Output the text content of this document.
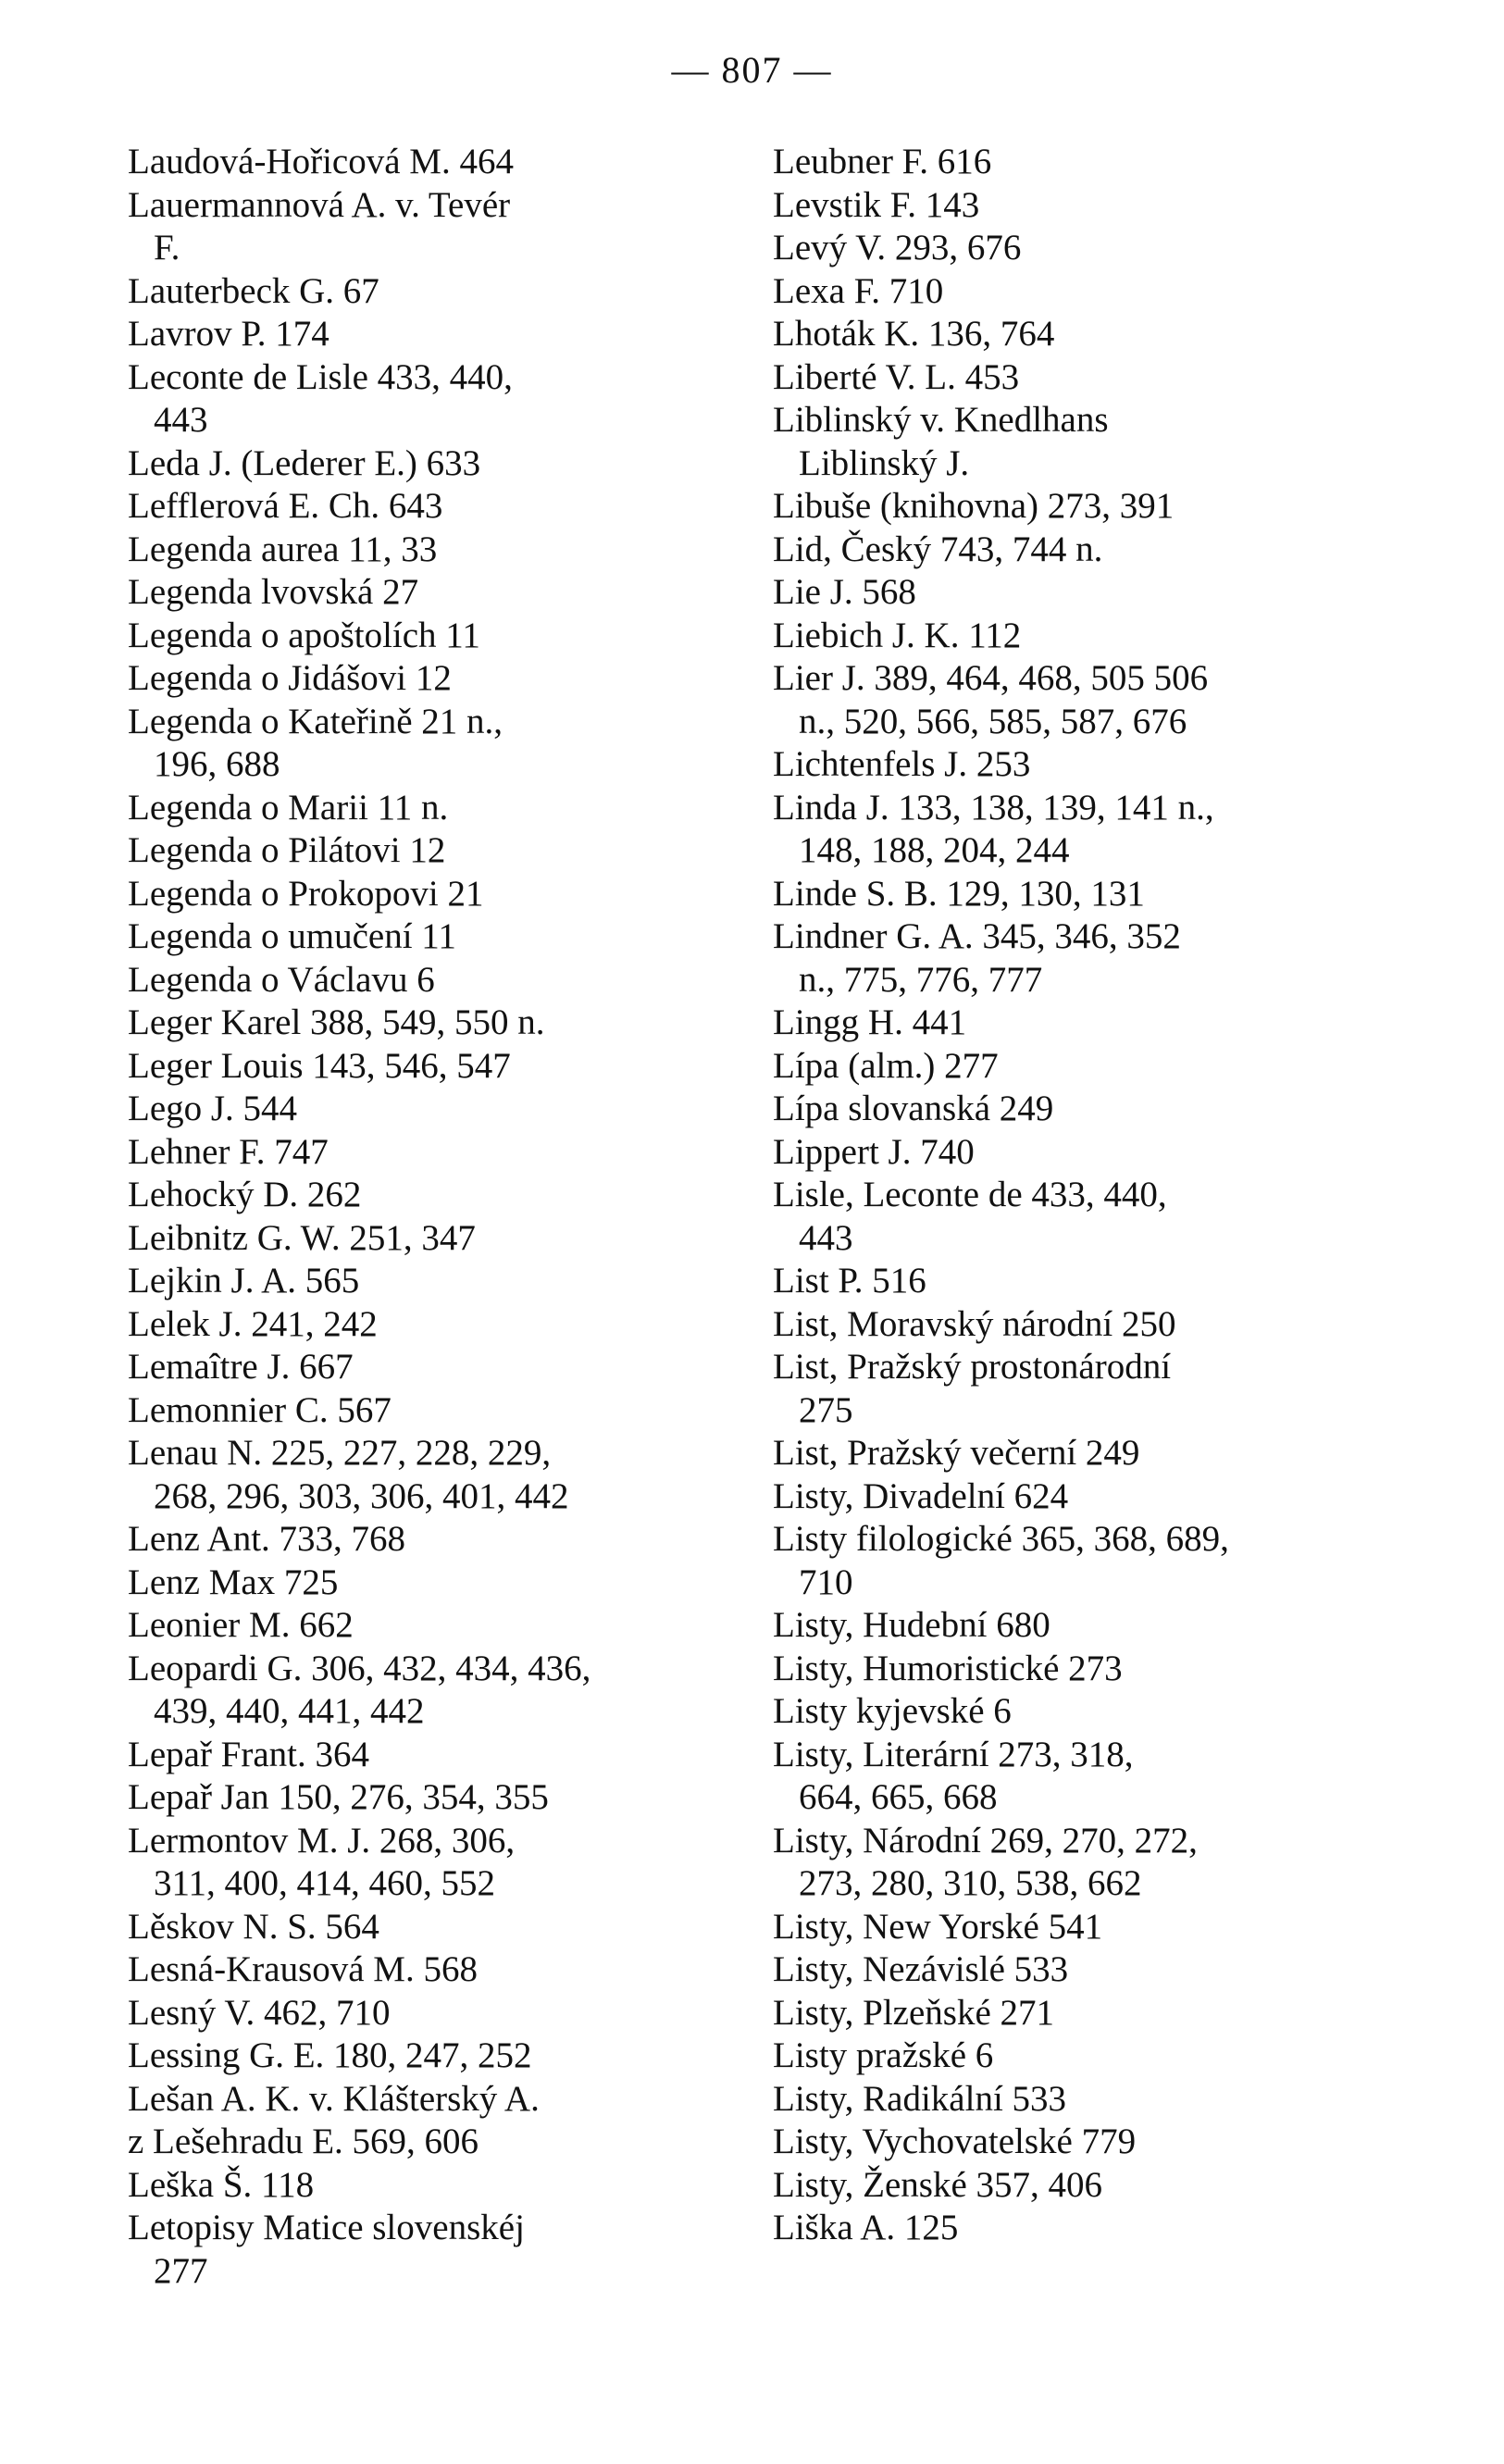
— 807 —
Laudová-Hořicová M. 464
Lauermannová A. v. Tevér
F.
Lauterbeck G. 67
Lavrov P. 174
Leconte de Lisle 433, 440,
443
Leda J. (Lederer E.) 633
Lefflerová E. Ch. 643
Legenda aurea 11, 33
Legenda lvovská 27
Legenda o apoštolích 11
Legenda o Jidášovi 12
Legenda o Kateřině 21 n.,
196, 688
Legenda o Marii 11 n.
Legenda o Pilátovi 12
Legenda o Prokopovi 21
Legenda o umučení 11
Legenda o Václavu 6
Leger Karel 388, 549, 550 n.
Leger Louis 143, 546, 547
Lego J. 544
Lehner F. 747
Lehocký D. 262
Leibnitz G. W. 251, 347
Lejkin J. A. 565
Lelek J. 241, 242
Lemaître J. 667
Lemonnier C. 567
Lenau N. 225, 227, 228, 229,
268, 296, 303, 306, 401, 442
Lenz Ant. 733, 768
Lenz Max 725
Leonier M. 662
Leopardi G. 306, 432, 434, 436,
439, 440, 441, 442
Lepař Frant. 364
Lepař Jan 150, 276, 354, 355
Lermontov M. J. 268, 306,
311, 400, 414, 460, 552
Lěskov N. S. 564
Lesná-Krausová M. 568
Lesný V. 462, 710
Lessing G. E. 180, 247, 252
Lešan A. K. v. Klášterský A.
z Lešehradu E. 569, 606
Leška Š. 118
Letopisy Matice slovenskéj
277
Leubner F. 616
Levstik F. 143
Levý V. 293, 676
Lexa F. 710
Lhoták K. 136, 764
Liberté V. L. 453
Liblinský v. Knedlhans
Liblinský J.
Libuše (knihovna) 273, 391
Lid, Český 743, 744 n.
Lie J. 568
Liebich J. K. 112
Lier J. 389, 464, 468, 505 506
n., 520, 566, 585, 587, 676
Lichtenfels J. 253
Linda J. 133, 138, 139, 141 n.,
148, 188, 204, 244
Linde S. B. 129, 130, 131
Lindner G. A. 345, 346, 352
n., 775, 776, 777
Lingg H. 441
Lípa (alm.) 277
Lípa slovanská 249
Lippert J. 740
Lisle, Leconte de 433, 440,
443
List P. 516
List, Moravský národní 250
List, Pražský prostonárodní
275
List, Pražský večerní 249
Listy, Divadelní 624
Listy filologické 365, 368, 689,
710
Listy, Hudební 680
Listy, Humoristické 273
Listy kyjevské 6
Listy, Literární 273, 318,
664, 665, 668
Listy, Národní 269, 270, 272,
273, 280, 310, 538, 662
Listy, New Yorské 541
Listy, Nezávislé 533
Listy, Plzeňské 271
Listy pražské 6
Listy, Radikální 533
Listy, Vychovatelské 779
Listy, Ženské 357, 406
Liška A. 125
